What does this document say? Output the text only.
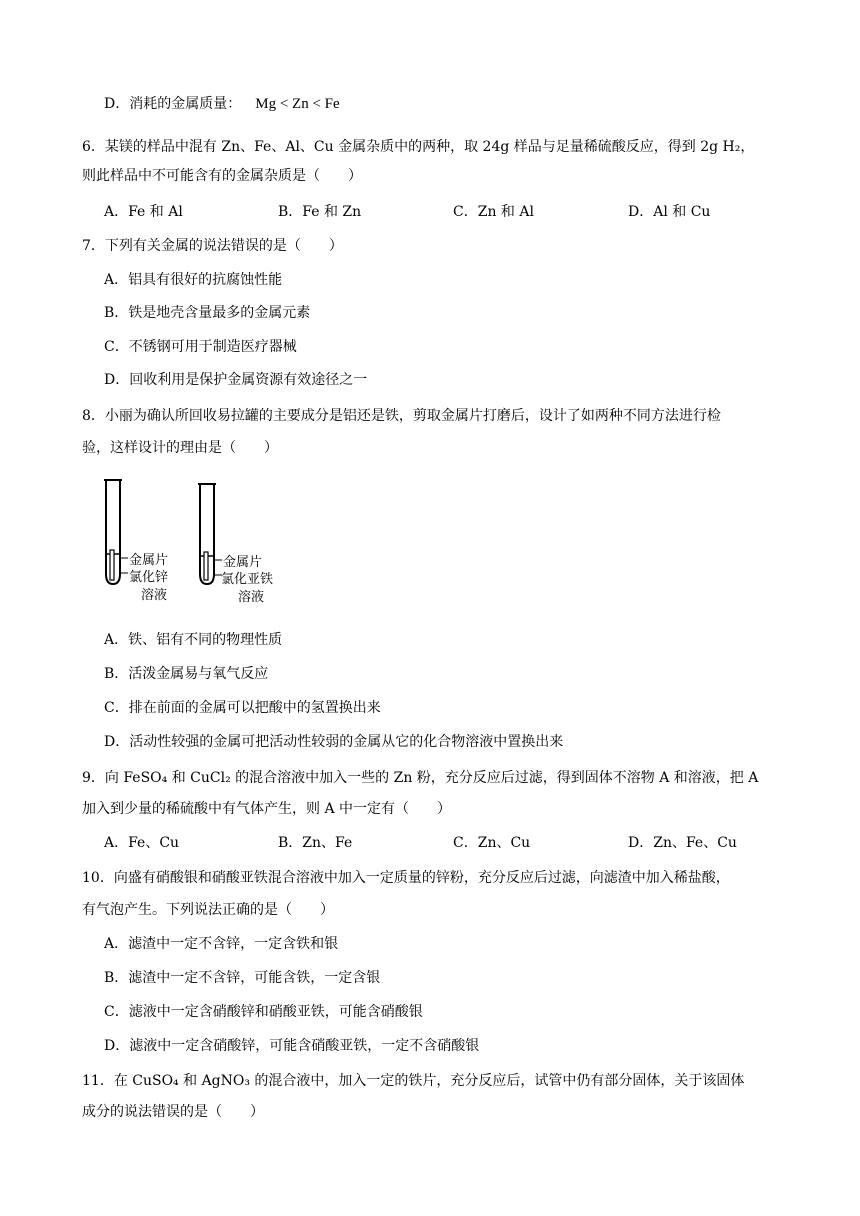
D．消耗的金属质量： Mg < Zn < Fe
6．某镁的样品中混有 Zn、Fe、Al、Cu 金属杂质中的两种，取 24g 样品与足量稀硫酸反应，得到 2g H₂，
则此样品中不可能含有的金属杂质是（　　）
A．Fe 和 Al	B．Fe 和 Zn	C．Zn 和 Al	D．Al 和 Cu
7．下列有关金属的说法错误的是（　　）
A．铝具有很好的抗腐蚀性能
B．铁是地壳含量最多的金属元素
C．不锈钢可用于制造医疗器械
D．回收利用是保护金属资源有效途径之一
8．小丽为确认所回收易拉罐的主要成分是铝还是铁，剪取金属片打磨后，设计了如两种不同方法进行检
验，这样设计的理由是（　　）
金属片
氯化锌
溶液
金属片
氯化亚铁
溶液
A．铁、铝有不同的物理性质
B．活泼金属易与氧气反应
C．排在前面的金属可以把酸中的氢置换出来
D．活动性较强的金属可把活动性较弱的金属从它的化合物溶液中置换出来
9．向 FeSO₄ 和 CuCl₂ 的混合溶液中加入一些的 Zn 粉，充分反应后过滤，得到固体不溶物 A 和溶液，把 A
加入到少量的稀硫酸中有气体产生，则 A 中一定有（　　）
A．Fe、Cu	B．Zn、Fe	C．Zn、Cu	D．Zn、Fe、Cu
10．向盛有硝酸银和硝酸亚铁混合溶液中加入一定质量的锌粉，充分反应后过滤，向滤渣中加入稀盐酸，
有气泡产生。下列说法正确的是（　　）
A．滤渣中一定不含锌，一定含铁和银
B．滤渣中一定不含锌，可能含铁，一定含银
C．滤液中一定含硝酸锌和硝酸亚铁，可能含硝酸银
D．滤液中一定含硝酸锌，可能含硝酸亚铁，一定不含硝酸银
11．在 CuSO₄ 和 AgNO₃ 的混合液中，加入一定的铁片，充分反应后，试管中仍有部分固体，关于该固体
成分的说法错误的是（　　）
